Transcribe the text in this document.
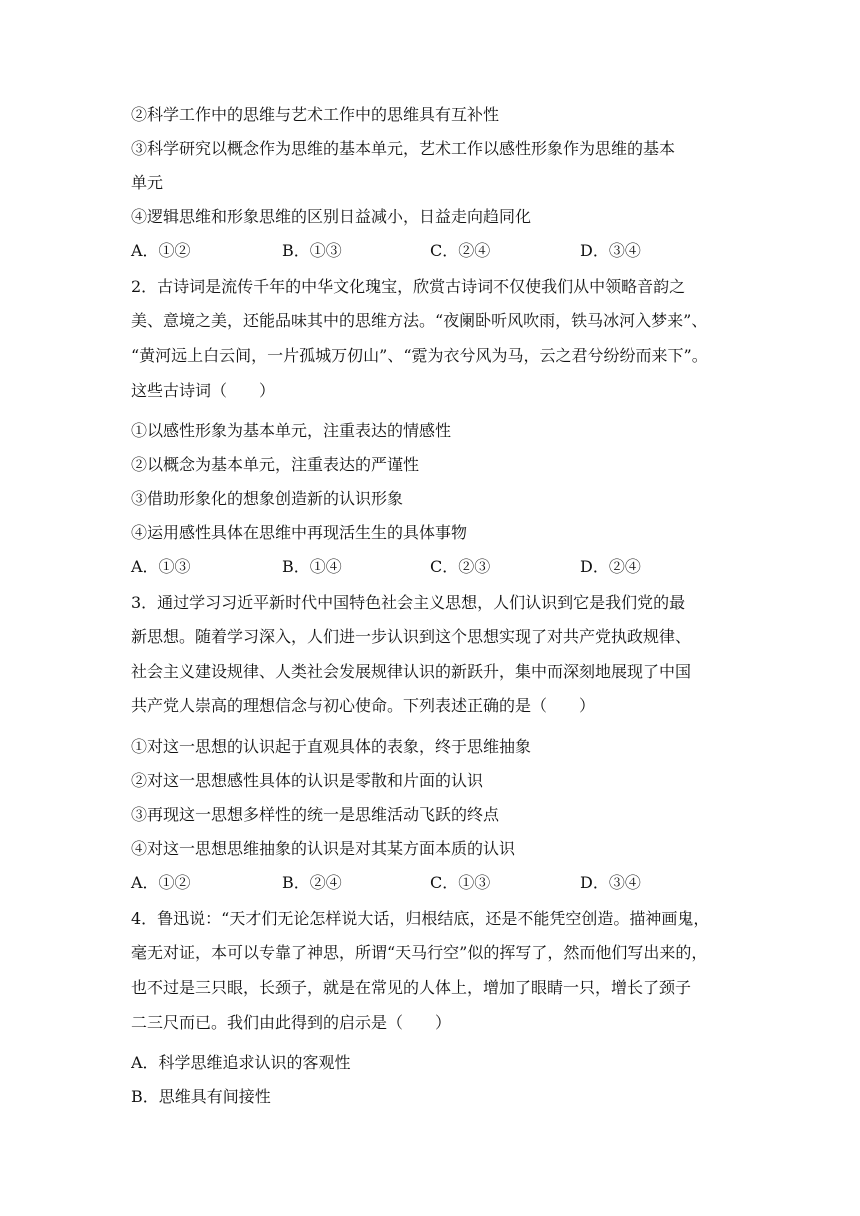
②科学工作中的思维与艺术工作中的思维具有互补性
③科学研究以概念作为思维的基本单元，艺术工作以感性形象作为思维的基本
单元
④逻辑思维和形象思维的区别日益减小，日益走向趋同化
A．①②	B．①③	C．②④	D．③④
2．古诗词是流传千年的中华文化瑰宝，欣赏古诗词不仅使我们从中领略音韵之
美、意境之美，还能品味其中的思维方法。“夜阑卧听风吹雨，铁马冰河入梦来”、
“黄河远上白云间，一片孤城万仞山”、“霓为衣兮风为马，云之君兮纷纷而来下”。
这些古诗词（　　）
①以感性形象为基本单元，注重表达的情感性
②以概念为基本单元，注重表达的严谨性
③借助形象化的想象创造新的认识形象
④运用感性具体在思维中再现活生生的具体事物
A．①③	B．①④	C．②③	D．②④
3．通过学习习近平新时代中国特色社会主义思想，人们认识到它是我们党的最
新思想。随着学习深入，人们进一步认识到这个思想实现了对共产党执政规律、
社会主义建设规律、人类社会发展规律认识的新跃升，集中而深刻地展现了中国
共产党人崇高的理想信念与初心使命。下列表述正确的是（　　）
①对这一思想的认识起于直观具体的表象，终于思维抽象
②对这一思想感性具体的认识是零散和片面的认识
③再现这一思想多样性的统一是思维活动飞跃的终点
④对这一思想思维抽象的认识是对其某方面本质的认识
A．①②	B．②④	C．①③	D．③④
4．鲁迅说：“天才们无论怎样说大话，归根结底，还是不能凭空创造。描神画鬼，
毫无对证，本可以专靠了神思，所谓“天马行空”似的挥写了，然而他们写出来的，
也不过是三只眼，长颈子，就是在常见的人体上，增加了眼睛一只，增长了颈子
二三尺而已。我们由此得到的启示是（　　）
A．科学思维追求认识的客观性
B．思维具有间接性
